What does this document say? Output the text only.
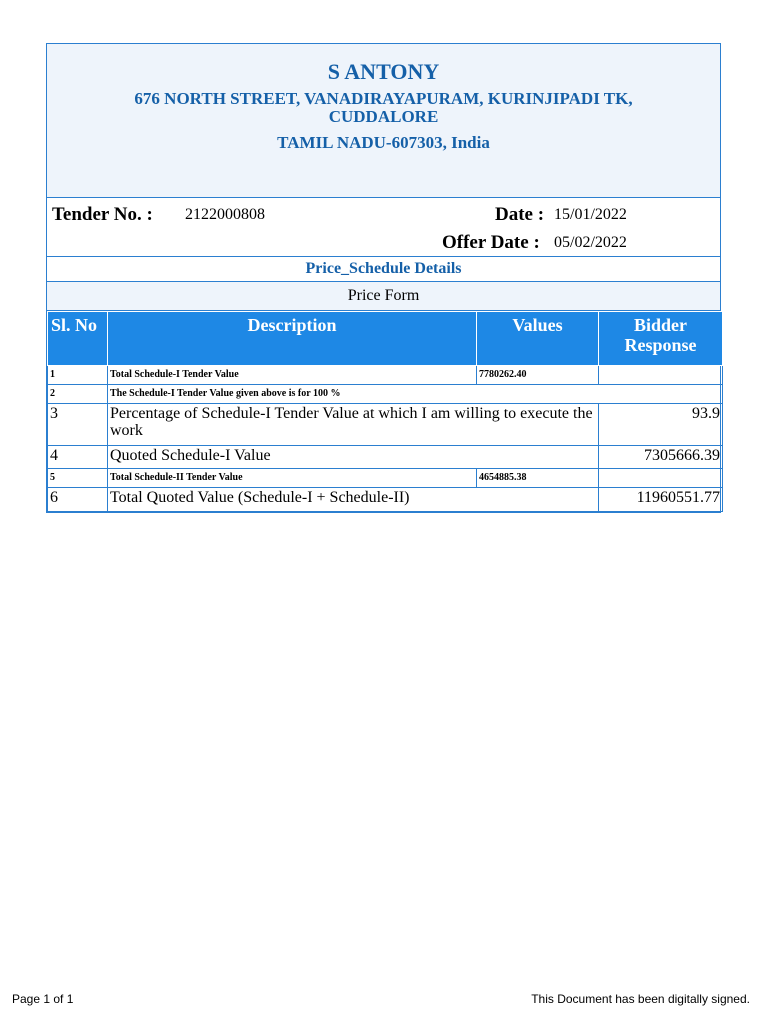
S ANTONY
676 NORTH STREET, VANADIRAYAPURAM, KURINJIPADI TK,
CUDDALORE
TAMIL NADU-607303, India
Tender No. : 2122000808	Date : 15/01/2022
Offer Date : 05/02/2022
Price_Schedule Details
Price Form
Sl. No	Description	Values	Bidder
Response
1	Total Schedule-I Tender Value	7780262.40	
2	The Schedule-I Tender Value given above is for 100 %		
3	Percentage of Schedule-I Tender Value at which I am willing to execute the work		93.9
4	Quoted Schedule-I Value		7305666.39
5	Total Schedule-II Tender Value	4654885.38	
6	Total Quoted Value (Schedule-I + Schedule-II)		11960551.77
Page 1 of 1	This Document has been digitally signed.
